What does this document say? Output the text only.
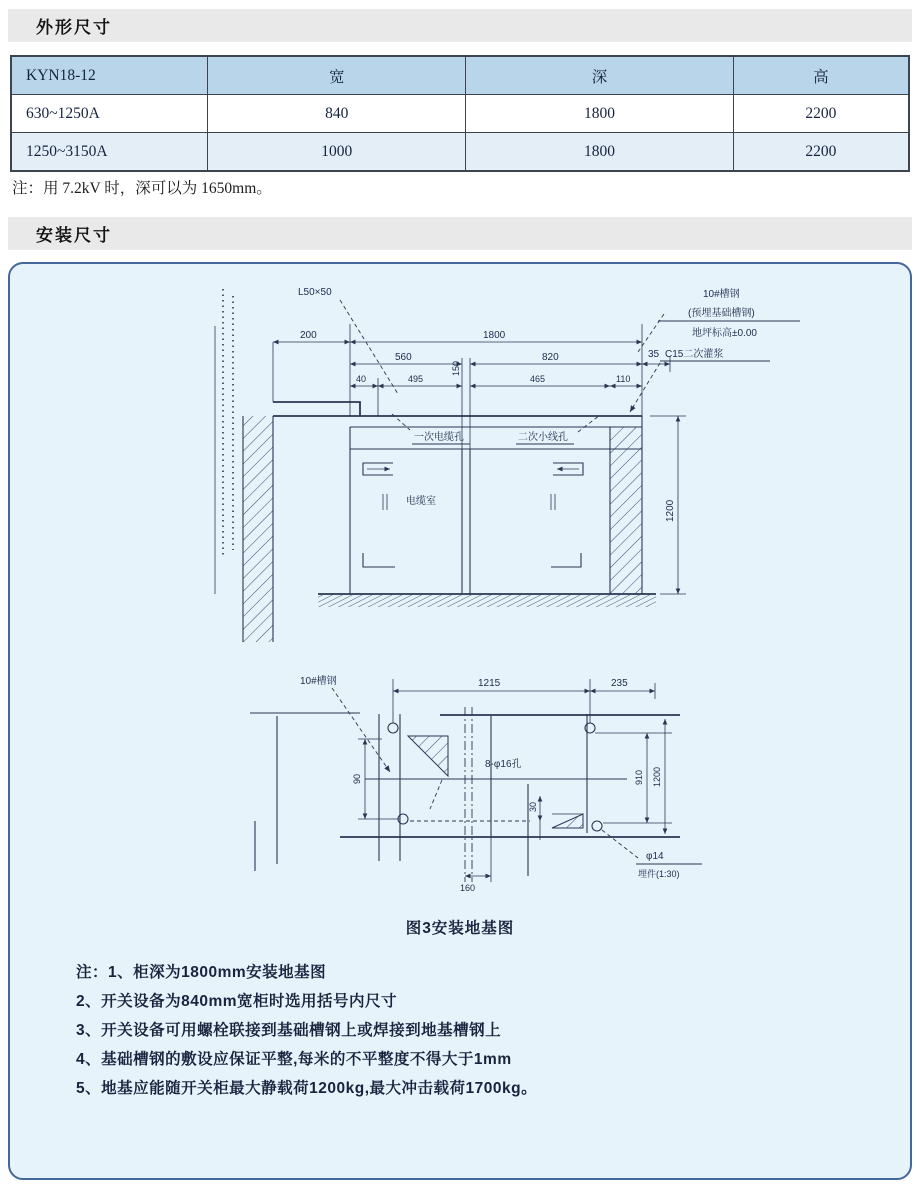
外形尺寸
KYN18-12	宽	深	高
630~1250A	840	1800	2200
1250~3150A	1000	1800	2200
注：用 7.2kV 时，深可以为 1650mm。
安装尺寸
200	1800
560	820	35
40	495
150
465	110
1200
L50×50	10#槽钢
(预埋基础槽钢)
地坪标高±0.00
C15二次灌浆
一次电缆孔	二次小线孔
电缆室
30
1215	235
90	910 1200
160
10#槽钢
8-φ16孔
φ14
埋件(1:30)
图3安装地基图
注：1、柜深为1800mm安装地基图
2、开关设备为840mm宽柜时选用括号内尺寸
3、开关设备可用螺栓联接到基础槽钢上或焊接到地基槽钢上
4、基础槽钢的敷设应保证平整,每米的不平整度不得大于1mm
5、地基应能随开关柜最大静载荷1200kg,最大冲击载荷1700kg。
